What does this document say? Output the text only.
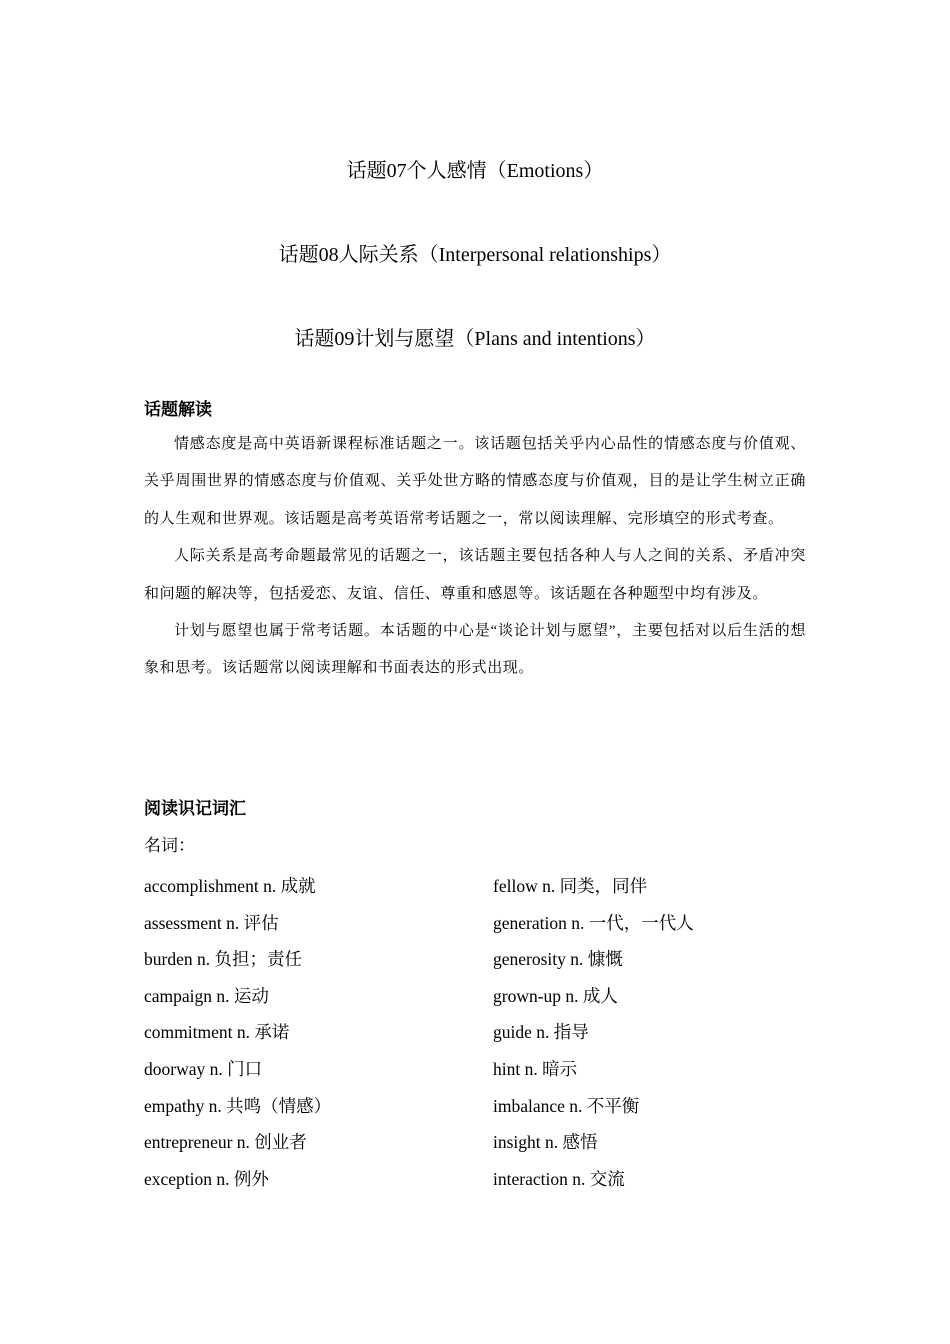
话题07个人感情（Emotions）
话题08人际关系（Interpersonal relationships）
话题09计划与愿望（Plans and intentions）

话题解读

情感态度是高中英语新课程标准话题之一。该话题包括关乎内心品性的情感态度与价值观、关乎周围世界的情感态度与价值观、关乎处世方略的情感态度与价值观，目的是让学生树立正确的人生观和世界观。该话题是高考英语常考话题之一，常以阅读理解、完形填空的形式考查。

人际关系是高考命题最常见的话题之一，该话题主要包括各种人与人之间的关系、矛盾冲突和问题的解决等，包括爱恋、友谊、信任、尊重和感恩等。该话题在各种题型中均有涉及。

计划与愿望也属于常考话题。本话题的中心是“谈论计划与愿望”，主要包括对以后生活的想象和思考。该话题常以阅读理解和书面表达的形式出现。

阅读识记词汇

名词：
accomplishment n. 成就	fellow n. 同类，同伴
assessment n. 评估	generation n. 一代，一代人
burden n. 负担；责任	generosity n. 慷慨
campaign n. 运动	grown-up n. 成人
commitment n. 承诺	guide n. 指导
doorway n. 门口	hint n. 暗示
empathy n. 共鸣（情感）	imbalance n. 不平衡
entrepreneur n. 创业者	insight n. 感悟
exception n. 例外	interaction n. 交流
